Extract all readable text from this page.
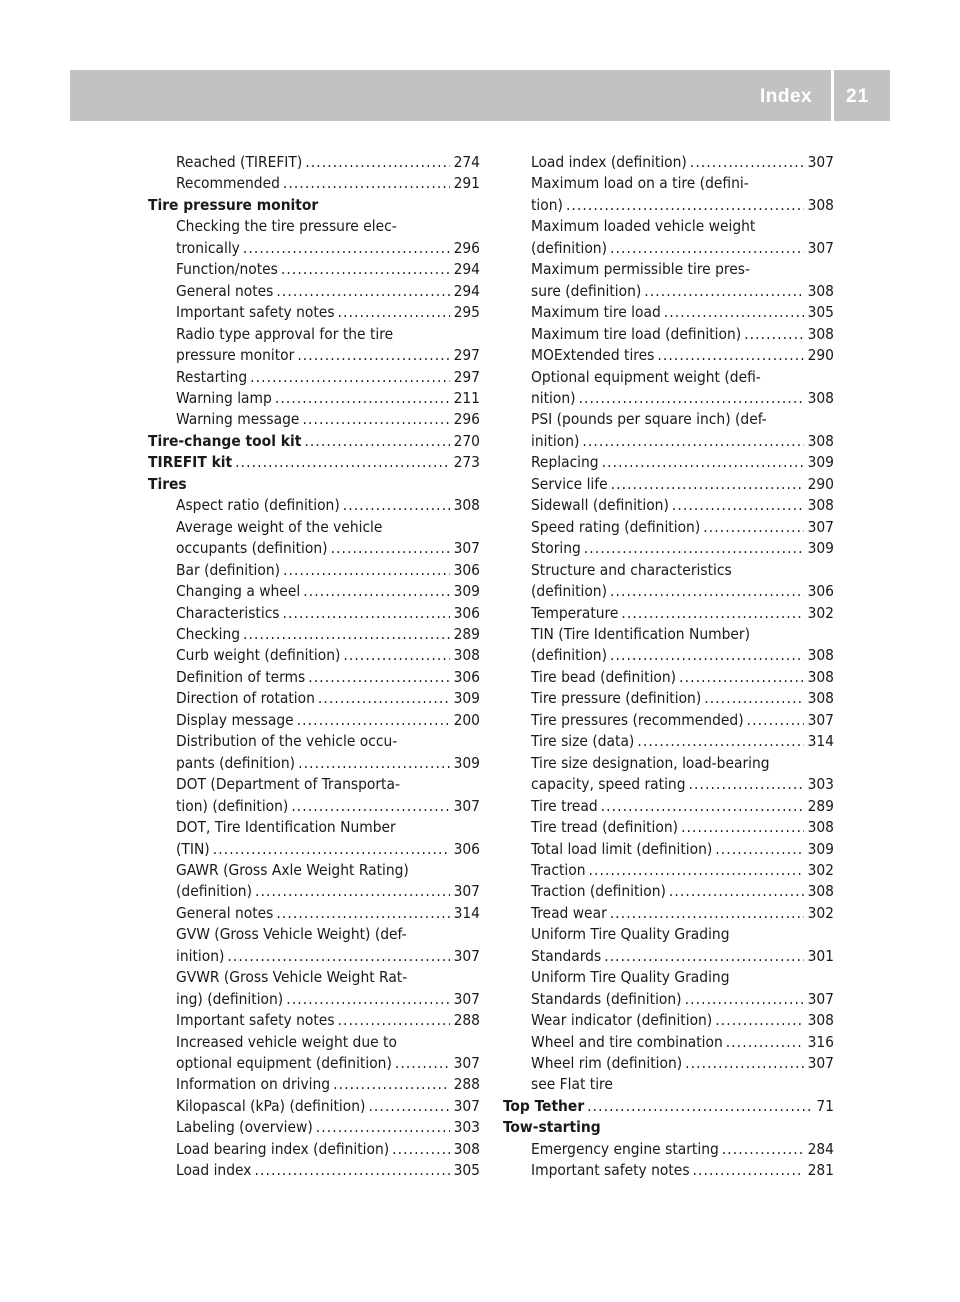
Index 21
Reached (TIREFIT) .....	274
Recommended .....	291
Tire pressure monitor
Checking the tire pressure elec-
tronically .....	296
Function/notes .....	294
General notes .....	294
Important safety notes .....	295
Radio type approval for the tire
pressure monitor .....	297
Restarting .....	297
Warning lamp .....	211
Warning message .....	296
Tire-change tool kit .....	270
TIREFIT kit .....	273
Tires
Aspect ratio (definition) .....	308
Average weight of the vehicle
occupants (definition) .....	307
Bar (definition) .....	306
Changing a wheel .....	309
Characteristics .....	306
Checking .....	289
Curb weight (definition) .....	308
Definition of terms .....	306
Direction of rotation .....	309
Display message .....	200
Distribution of the vehicle occu-
pants (definition) .....	309
DOT (Department of Transporta-
tion) (definition) .....	307
DOT, Tire Identification Number
(TIN) .....	306
GAWR (Gross Axle Weight Rating)
(definition) .....	307
General notes .....	314
GVW (Gross Vehicle Weight) (def-
inition) .....	307
GVWR (Gross Vehicle Weight Rat-
ing) (definition) .....	307
Important safety notes .....	288
Increased vehicle weight due to
optional equipment (definition) .....	307
Information on driving .....	288
Kilopascal (kPa) (definition) .....	307
Labeling (overview) .....	303
Load bearing index (definition) .....	308
Load index .....	305
Load index (definition) .....	307
Maximum load on a tire (defini-
tion) .....	308
Maximum loaded vehicle weight
(definition) .....	307
Maximum permissible tire pres-
sure (definition) .....	308
Maximum tire load .....	305
Maximum tire load (definition) .....	308
MOExtended tires .....	290
Optional equipment weight (defi-
nition) .....	308
PSI (pounds per square inch) (def-
inition) .....	308
Replacing .....	309
Service life .....	290
Sidewall (definition) .....	308
Speed rating (definition) .....	307
Storing .....	309
Structure and characteristics
(definition) .....	306
Temperature .....	302
TIN (Tire Identification Number)
(definition) .....	308
Tire bead (definition) .....	308
Tire pressure (definition) .....	308
Tire pressures (recommended) .....	307
Tire size (data) .....	314
Tire size designation, load-bearing
capacity, speed rating .....	303
Tire tread .....	289
Tire tread (definition) .....	308
Total load limit (definition) .....	309
Traction .....	302
Traction (definition) .....	308
Tread wear .....	302
Uniform Tire Quality Grading
Standards .....	301
Uniform Tire Quality Grading
Standards (definition) .....	307
Wear indicator (definition) .....	308
Wheel and tire combination .....	316
Wheel rim (definition) .....	307
see Flat tire
Top Tether .....	71
Tow-starting
Emergency engine starting .....	284
Important safety notes .....	281
